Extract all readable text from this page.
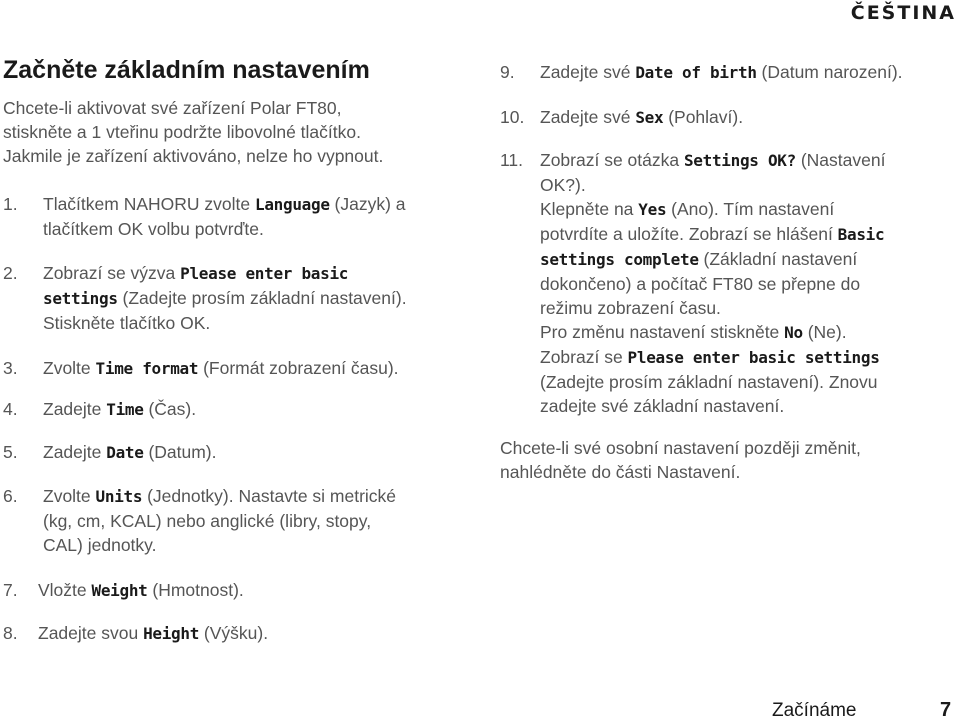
ČEŠTINA
Začněte základním nastavením
Chcete-li aktivovat své zařízení Polar FT80,
stiskněte a 1 vteřinu podržte libovolné tlačítko.
Jakmile je zařízení aktivováno, nelze ho vypnout.
1. Tlačítkem NAHORU zvolte Language (Jazyk) a
tlačítkem OK volbu potvrďte.
2. Zobrazí se výzva Please enter basic
settings (Zadejte prosím základní nastavení).
Stiskněte tlačítko OK.
3. Zvolte Time format (Formát zobrazení času).
4. Zadejte Time (Čas).
5. Zadejte Date (Datum).
6. Zvolte Units (Jednotky). Nastavte si metrické
(kg, cm, KCAL) nebo anglické (libry, stopy,
CAL) jednotky.
7. Vložte Weight (Hmotnost).
8. Zadejte svou Height (Výšku).
9. Zadejte své Date of birth (Datum narození).
10. Zadejte své Sex (Pohlaví).
11. Zobrazí se otázka Settings OK? (Nastavení
OK?).
Klepněte na Yes (Ano). Tím nastavení
potvrdíte a uložíte. Zobrazí se hlášení Basic
settings complete (Základní nastavení
dokončeno) a počítač FT80 se přepne do
režimu zobrazení času.
Pro změnu nastavení stiskněte No (Ne).
Zobrazí se Please enter basic settings
(Zadejte prosím základní nastavení). Znovu
zadejte své základní nastavení.
Chcete-li své osobní nastavení později změnit,
nahlédněte do části Nastavení.
Začínáme	7
